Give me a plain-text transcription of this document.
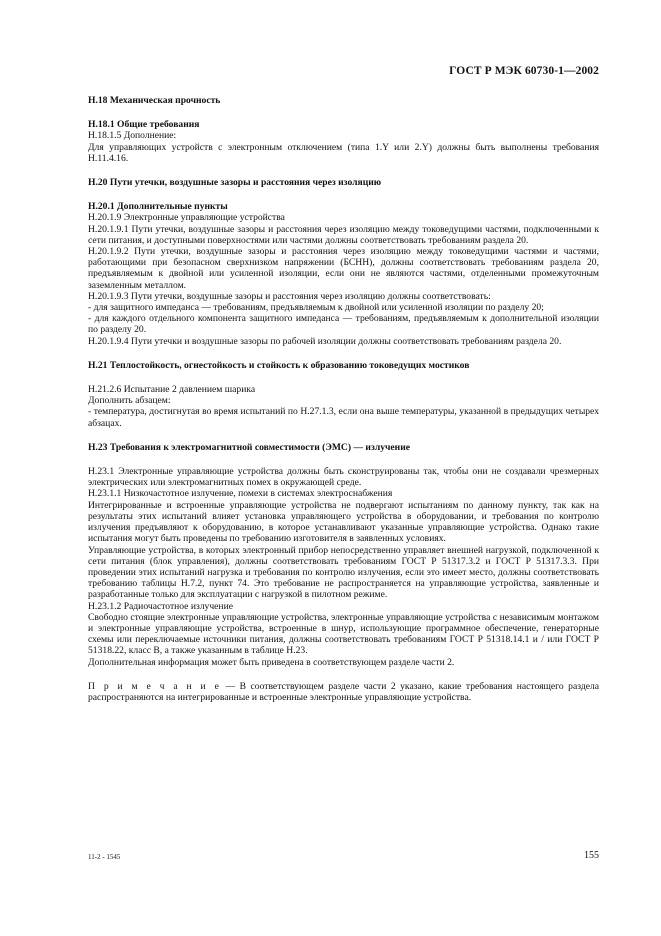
ГОСТ Р МЭК 60730-1—2002
Н.18 Механическая прочность
Н.18.1 Общие требования
Н.18.1.5 Дополнение:
Для управляющих устройств с электронным отключением (типа 1.Y или 2.Y) должны быть выполнены требования Н.11.4.16.
Н.20 Пути утечки, воздушные зазоры и расстояния через изоляцию
Н.20.1 Дополнительные пункты
Н.20.1.9 Электронные управляющие устройства
Н.20.1.9.1 Пути утечки, воздушные зазоры и расстояния через изоляцию между токоведущими частями, подключенными к сети питания, и доступными поверхностями или частями должны соответствовать требованиям раздела 20.
Н.20.1.9.2 Пути утечки, воздушные зазоры и расстояния через изоляцию между токоведущими частями и частями, работающими при безопасном сверхнизком напряжении (БСНН), должны соответствовать требованиям раздела 20, предъявляемым к двойной или усиленной изоляции, если они не являются частями, отделенными промежуточным заземленным металлом.
Н.20.1.9.3 Пути утечки, воздушные зазоры и расстояния через изоляцию должны соответствовать:
- для защитного импеданса — требованиям, предъявляемым к двойной или усиленной изоляции по разделу 20;
- для каждого отдельного компонента защитного импеданса — требованиям, предъявляемым к дополнительной изоляции по разделу 20.
Н.20.1.9.4 Пути утечки и воздушные зазоры по рабочей изоляции должны соответствовать требованиям раздела 20.
Н.21 Теплостойкость, огнестойкость и стойкость к образованию токоведущих мостиков
Н.21.2.6 Испытание 2 давлением шарика
Дополнить абзацем:
- температура, достигнутая во время испытаний по Н.27.1.3, если она выше температуры, указанной в предыдущих четырех абзацах.
Н.23 Требования к электромагнитной совместимости (ЭМС) — излучение
Н.23.1 Электронные управляющие устройства должны быть сконструированы так, чтобы они не создавали чрезмерных электрических или электромагнитных помех в окружающей среде.
Н.23.1.1 Низкочастотное излучение, помехи в системах электроснабжения
Интегрированные и встроенные управляющие устройства не подвергают испытаниям по данному пункту, так как на результаты этих испытаний влияет установка управляющего устройства в оборудовании, и требования по контролю излучения предъявляют к оборудованию, в которое устанавливают указанные управляющие устройства. Однако такие испытания могут быть проведены по требованию изготовителя в заявленных условиях.
Управляющие устройства, в которых электронный прибор непосредственно управляет внешней нагрузкой, подключенной к сети питания (блок управления), должны соответствовать требованиям ГОСТ Р 51317.3.2 и ГОСТ Р 51317.3.3. При проведении этих испытаний нагрузка и требования по контролю излучения, если это имеет место, должны соответствовать требованию таблицы Н.7.2, пункт 74. Это требование не распространяется на управляющие устройства, заявленные и разработанные только для эксплуатации с нагрузкой в пилотном режиме.
Н.23.1.2 Радиочастотное излучение
Свободно стоящие электронные управляющие устройства, электронные управляющие устройства с независимым монтажом и электронные управляющие устройства, встроенные в шнур, использующие программное обеспечение, генераторные схемы или переключаемые источники питания, должны соответствовать требованиям ГОСТ Р 51318.14.1 и / или ГОСТ Р 51318.22, класс В, а также указанным в таблице Н.23.
Дополнительная информация может быть приведена в соответствующем разделе части 2.
П р и м е ч а н и е — В соответствующем разделе части 2 указано, какие требования настоящего раздела распространяются на интегрированные и встроенные электронные управляющие устройства.
11-2 - 1545	155
